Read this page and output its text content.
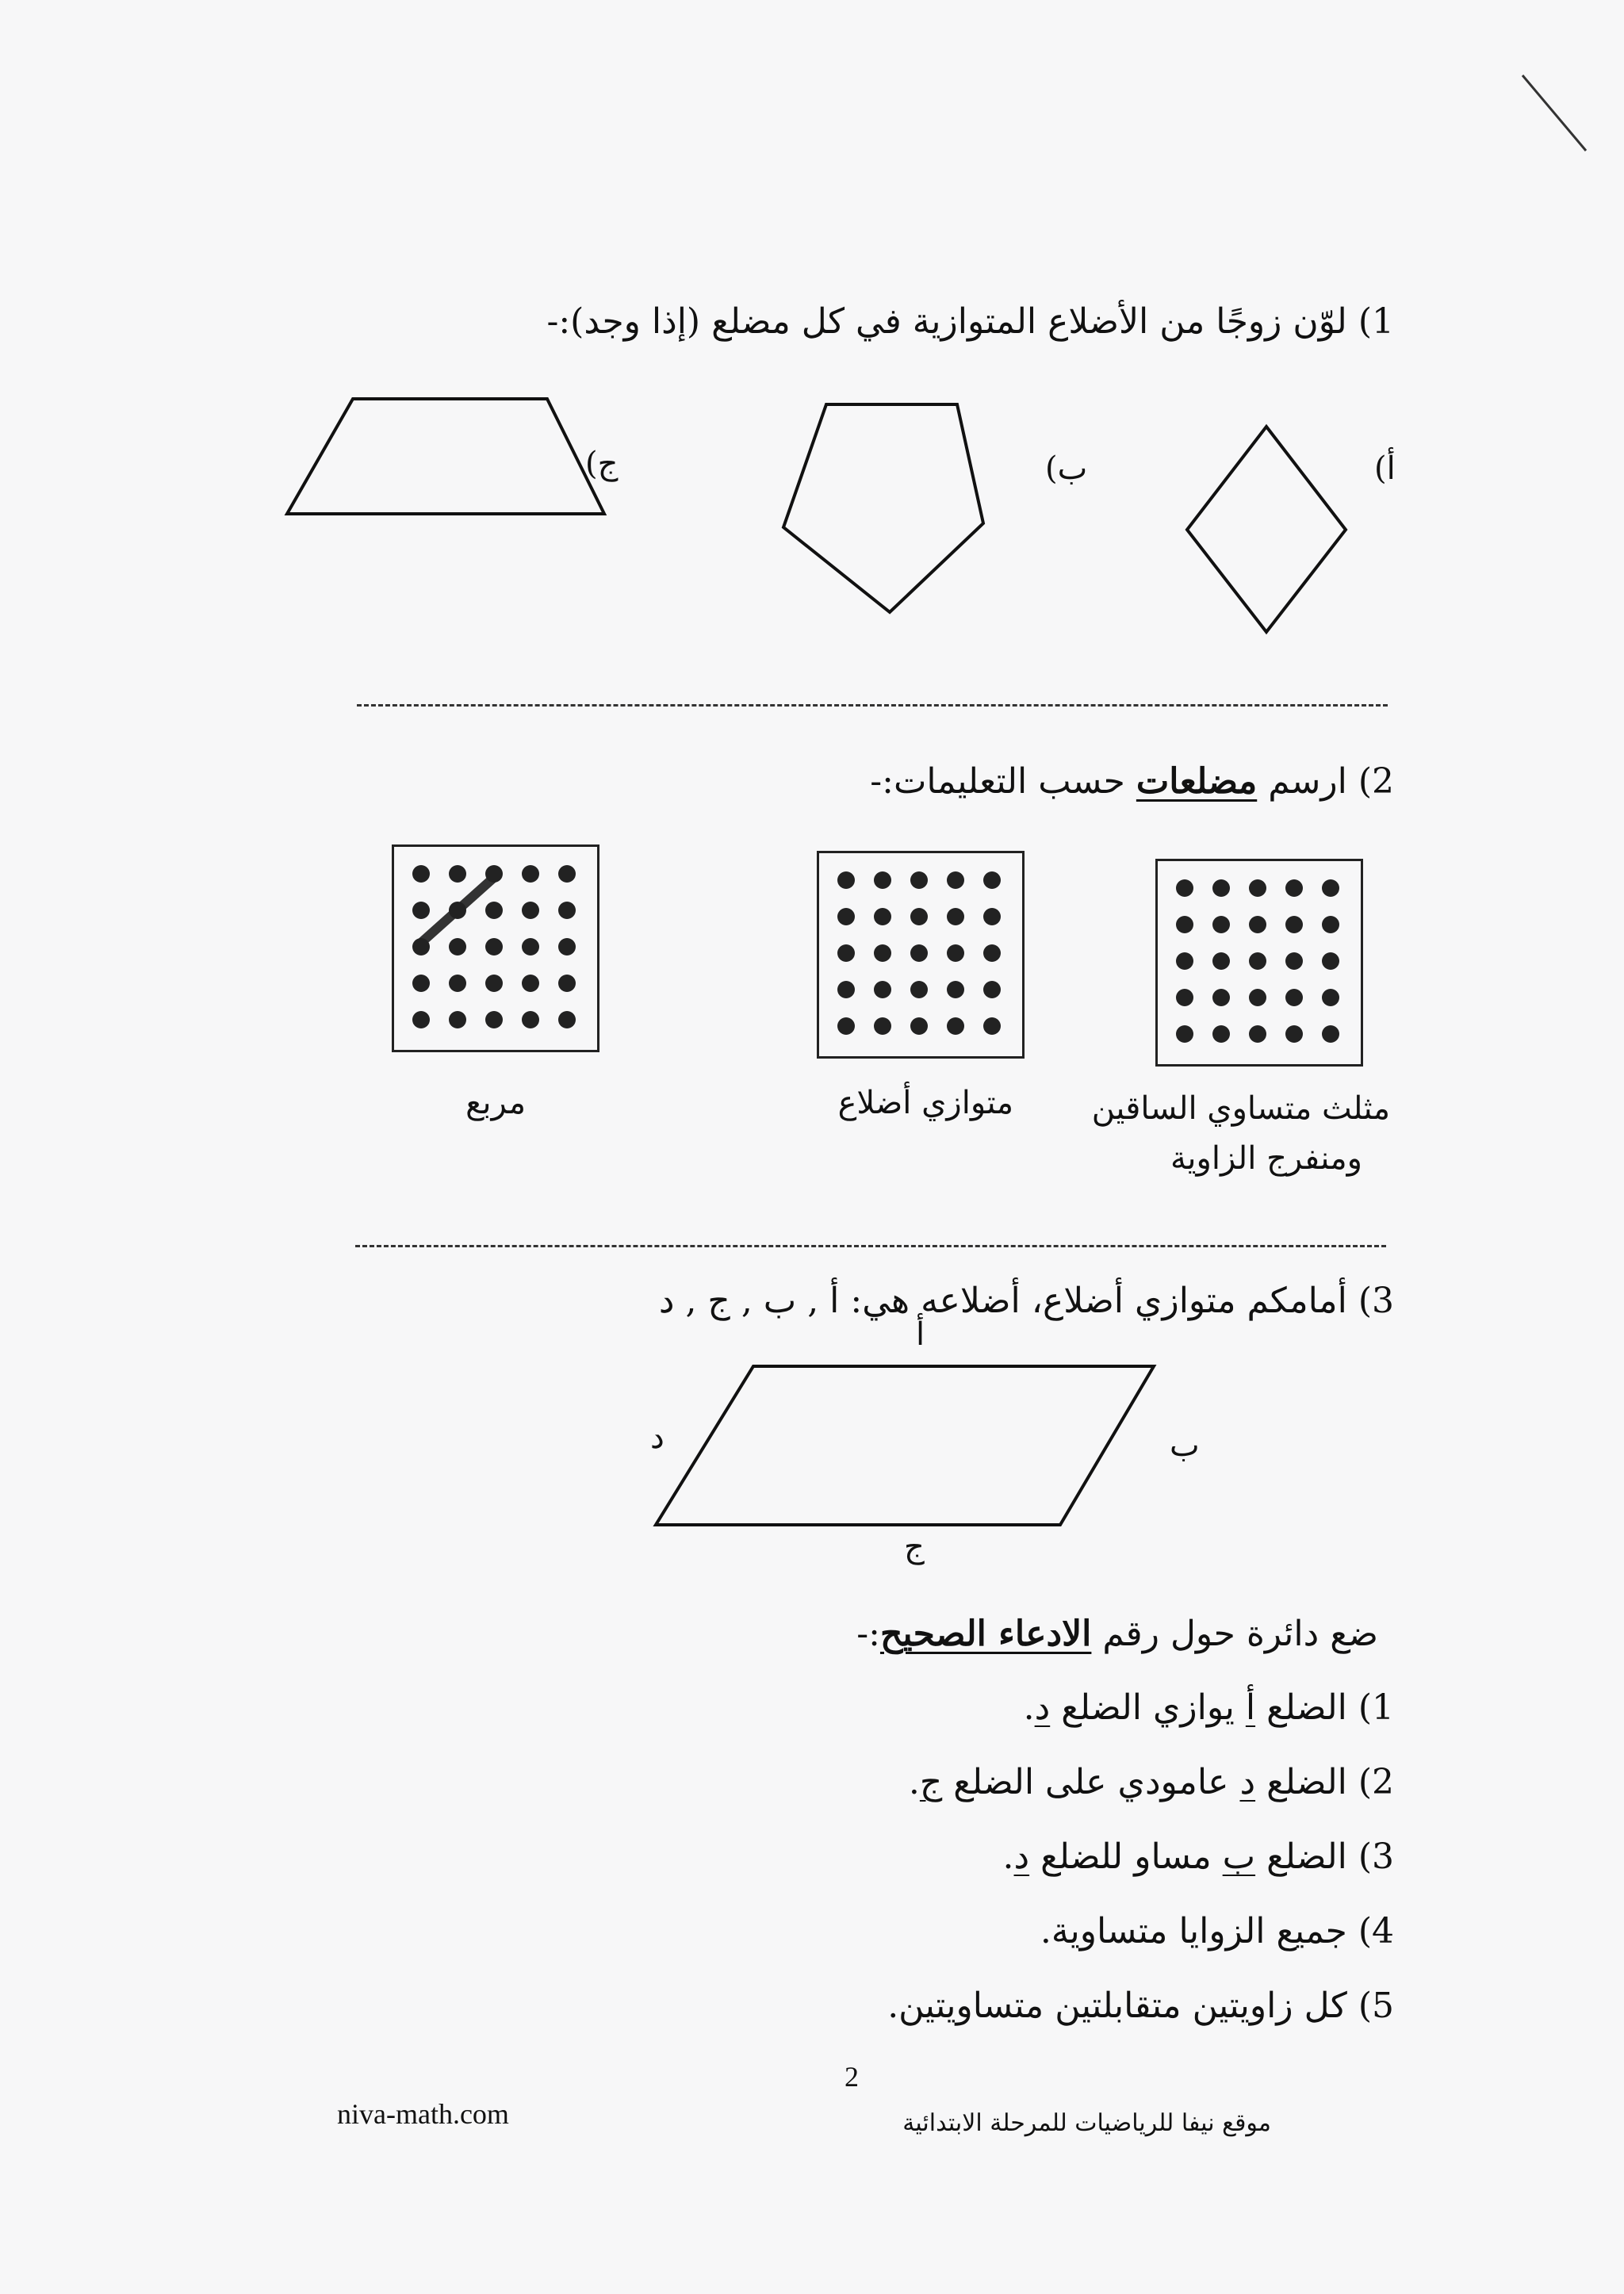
1) لوّن زوجًا من الأضلاع المتوازية في كل مضلع (إذا وجد):-
أ)
ب)
ج)
2) ارسم مضلعات حسب التعليمات:-
مثلث متساوي الساقين
ومنفرج الزاوية
متوازي أضلاع
مربع
3) أمامكم متوازي أضلاع، أضلاعه هي: أ , ب , ج , د
أ
ب
ج
د
ضع دائرة حول رقم الادعاء الصحيح:-
1) الضلع أ يوازي الضلع د.
2) الضلع د عامودي على الضلع ج.
3) الضلع ب مساو للضلع د.
4) جميع الزوايا متساوية.
5) كل زاويتين متقابلتين متساويتين.
2
niva-math.com	موقع نيفا للرياضيات للمرحلة الابتدائية
